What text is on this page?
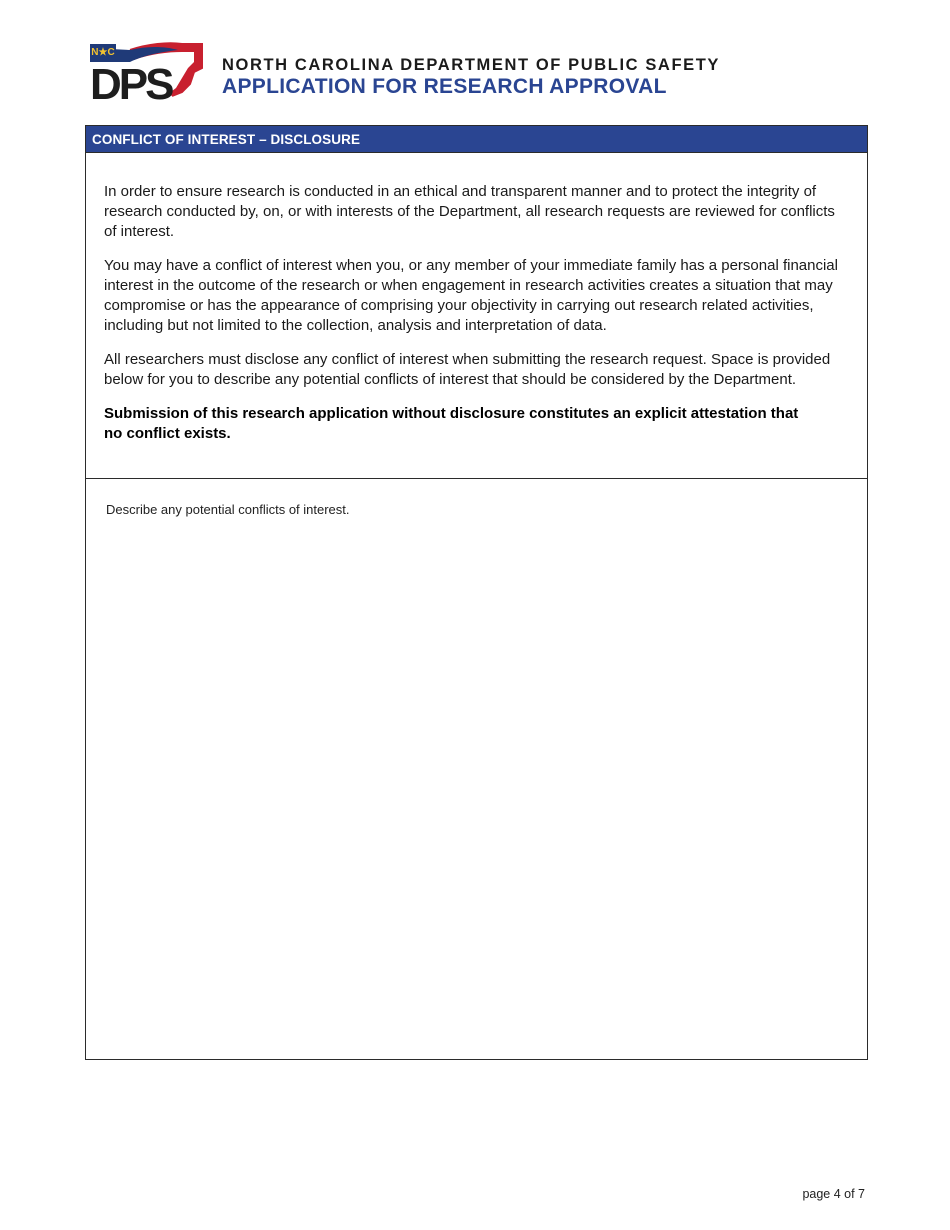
N★C
DPS	NORTH CAROLINA DEPARTMENT OF PUBLIC SAFETY
APPLICATION FOR RESEARCH APPROVAL
CONFLICT OF INTEREST – DISCLOSURE

In order to ensure research is conducted in an ethical and transparent manner and to protect the integrity of research conducted by, on, or with interests of the Department, all research requests are reviewed for conflicts of interest.

You may have a conflict of interest when you, or any member of your immediate family has a personal financial interest in the outcome of the research or when engagement in research activities creates a situation that may compromise or has the appearance of comprising your objectivity in carrying out research related activities, including but not limited to the collection, analysis and interpretation of data.

All researchers must disclose any conflict of interest when submitting the research request. Space is provided below for you to describe any potential conflicts of interest that should be considered by the Department.

Submission of this research application without disclosure constitutes an explicit attestation that no conflict exists.

Describe any potential conflicts of interest.
page 4 of 7
